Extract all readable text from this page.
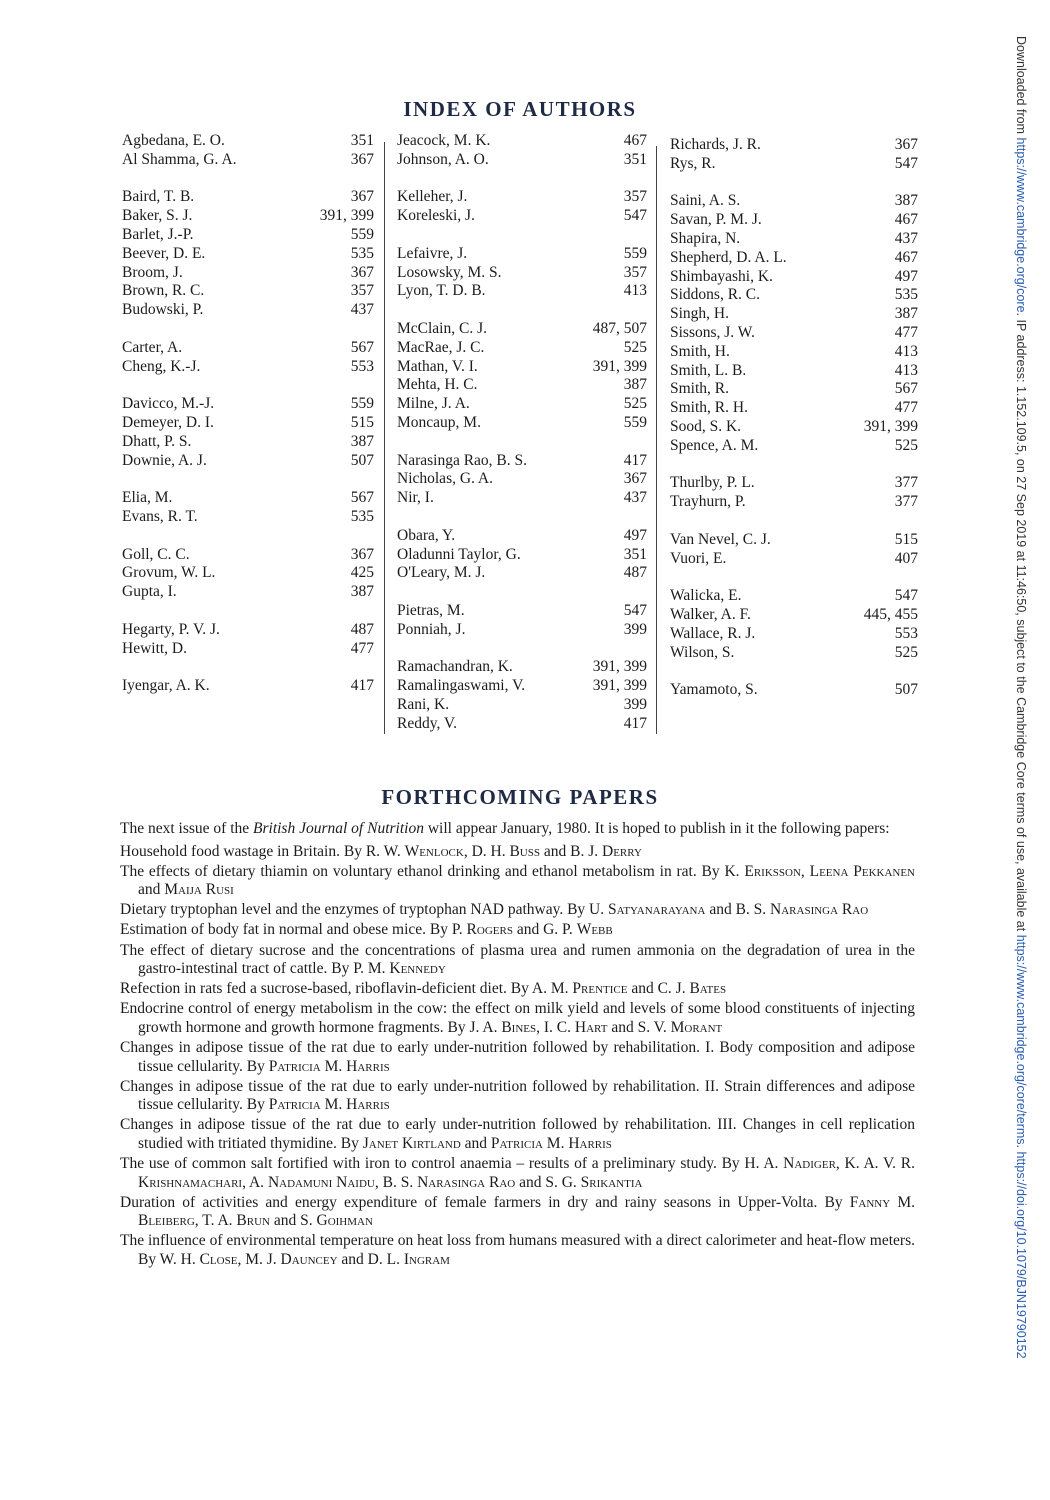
Downloaded from https://www.cambridge.org/core. IP address: 1.152.109.5, on 27 Sep 2019 at 11:46:50, subject to the Cambridge Core terms of use, available at https://www.cambridge.org/core/terms. https://doi.org/10.1079/BJN19790152
INDEX OF AUTHORS
Agbedana, E. O.	351
Al Shamma, G. A.	367
Baird, T. B.	367
Baker, S. J.	391, 399
Barlet, J.-P.	559
Beever, D. E.	535
Broom, J.	367
Brown, R. C.	357
Budowski, P.	437
Carter, A.	567
Cheng, K.-J.	553
Davicco, M.-J.	559
Demeyer, D. I.	515
Dhatt, P. S.	387
Downie, A. J.	507
Elia, M.	567
Evans, R. T.	535
Goll, C. C.	367
Grovum, W. L.	425
Gupta, I.	387
Hegarty, P. V. J.	487
Hewitt, D.	477
Iyengar, A. K.	417
Jeacock, M. K.	467
Johnson, A. O.	351
Kelleher, J.	357
Koreleski, J.	547
Lefaivre, J.	559
Losowsky, M. S.	357
Lyon, T. D. B.	413
McClain, C. J.	487, 507
MacRae, J. C.	525
Mathan, V. I.	391, 399
Mehta, H. C.	387
Milne, J. A.	525
Moncaup, M.	559
Narasinga Rao, B. S.	417
Nicholas, G. A.	367
Nir, I.	437
Obara, Y.	497
Oladunni Taylor, G.	351
O'Leary, M. J.	487
Pietras, M.	547
Ponniah, J.	399
Ramachandran, K.	391, 399
Ramalingaswami, V.	391, 399
Rani, K.	399
Reddy, V.	417
Richards, J. R.	367
Rys, R.	547
Saini, A. S.	387
Savan, P. M. J.	467
Shapira, N.	437
Shepherd, D. A. L.	467
Shimbayashi, K.	497
Siddons, R. C.	535
Singh, H.	387
Sissons, J. W.	477
Smith, H.	413
Smith, L. B.	413
Smith, R.	567
Smith, R. H.	477
Sood, S. K.	391, 399
Spence, A. M.	525
Thurlby, P. L.	377
Trayhurn, P.	377
Van Nevel, C. J.	515
Vuori, E.	407
Walicka, E.	547
Walker, A. F.	445, 455
Wallace, R. J.	553
Wilson, S.	525
Yamamoto, S.	507
FORTHCOMING PAPERS

The next issue of the British Journal of Nutrition will appear January, 1980. It is hoped to publish in it the following papers:

Household food wastage in Britain. By R. W. Wenlock, D. H. Buss and B. J. Derry

The effects of dietary thiamin on voluntary ethanol drinking and ethanol metabolism in rat. By K. Eriksson, Leena Pekkanen and Maija Rusi

Dietary tryptophan level and the enzymes of tryptophan NAD pathway. By U. Satyanarayana and B. S. Narasinga Rao

Estimation of body fat in normal and obese mice. By P. Rogers and G. P. Webb

The effect of dietary sucrose and the concentrations of plasma urea and rumen ammonia on the degradation of urea in the gastro-intestinal tract of cattle. By P. M. Kennedy

Refection in rats fed a sucrose-based, riboflavin-deficient diet. By A. M. Prentice and C. J. Bates

Endocrine control of energy metabolism in the cow: the effect on milk yield and levels of some blood constituents of injecting growth hormone and growth hormone fragments. By J. A. Bines, I. C. Hart and S. V. Morant

Changes in adipose tissue of the rat due to early under-nutrition followed by rehabilitation. I. Body composition and adipose tissue cellularity. By Patricia M. Harris

Changes in adipose tissue of the rat due to early under-nutrition followed by rehabilitation. II. Strain differences and adipose tissue cellularity. By Patricia M. Harris

Changes in adipose tissue of the rat due to early under-nutrition followed by rehabilitation. III. Changes in cell replication studied with tritiated thymidine. By Janet Kirtland and Patricia M. Harris

The use of common salt fortified with iron to control anaemia – results of a preliminary study. By H. A. Nadiger, K. A. V. R. Krishnamachari, A. Nadamuni Naidu, B. S. Narasinga Rao and S. G. Srikantia

Duration of activities and energy expenditure of female farmers in dry and rainy seasons in Upper-Volta. By Fanny M. Bleiberg, T. A. Brun and S. Goihman

The influence of environmental temperature on heat loss from humans measured with a direct calorimeter and heat-flow meters. By W. H. Close, M. J. Dauncey and D. L. Ingram
